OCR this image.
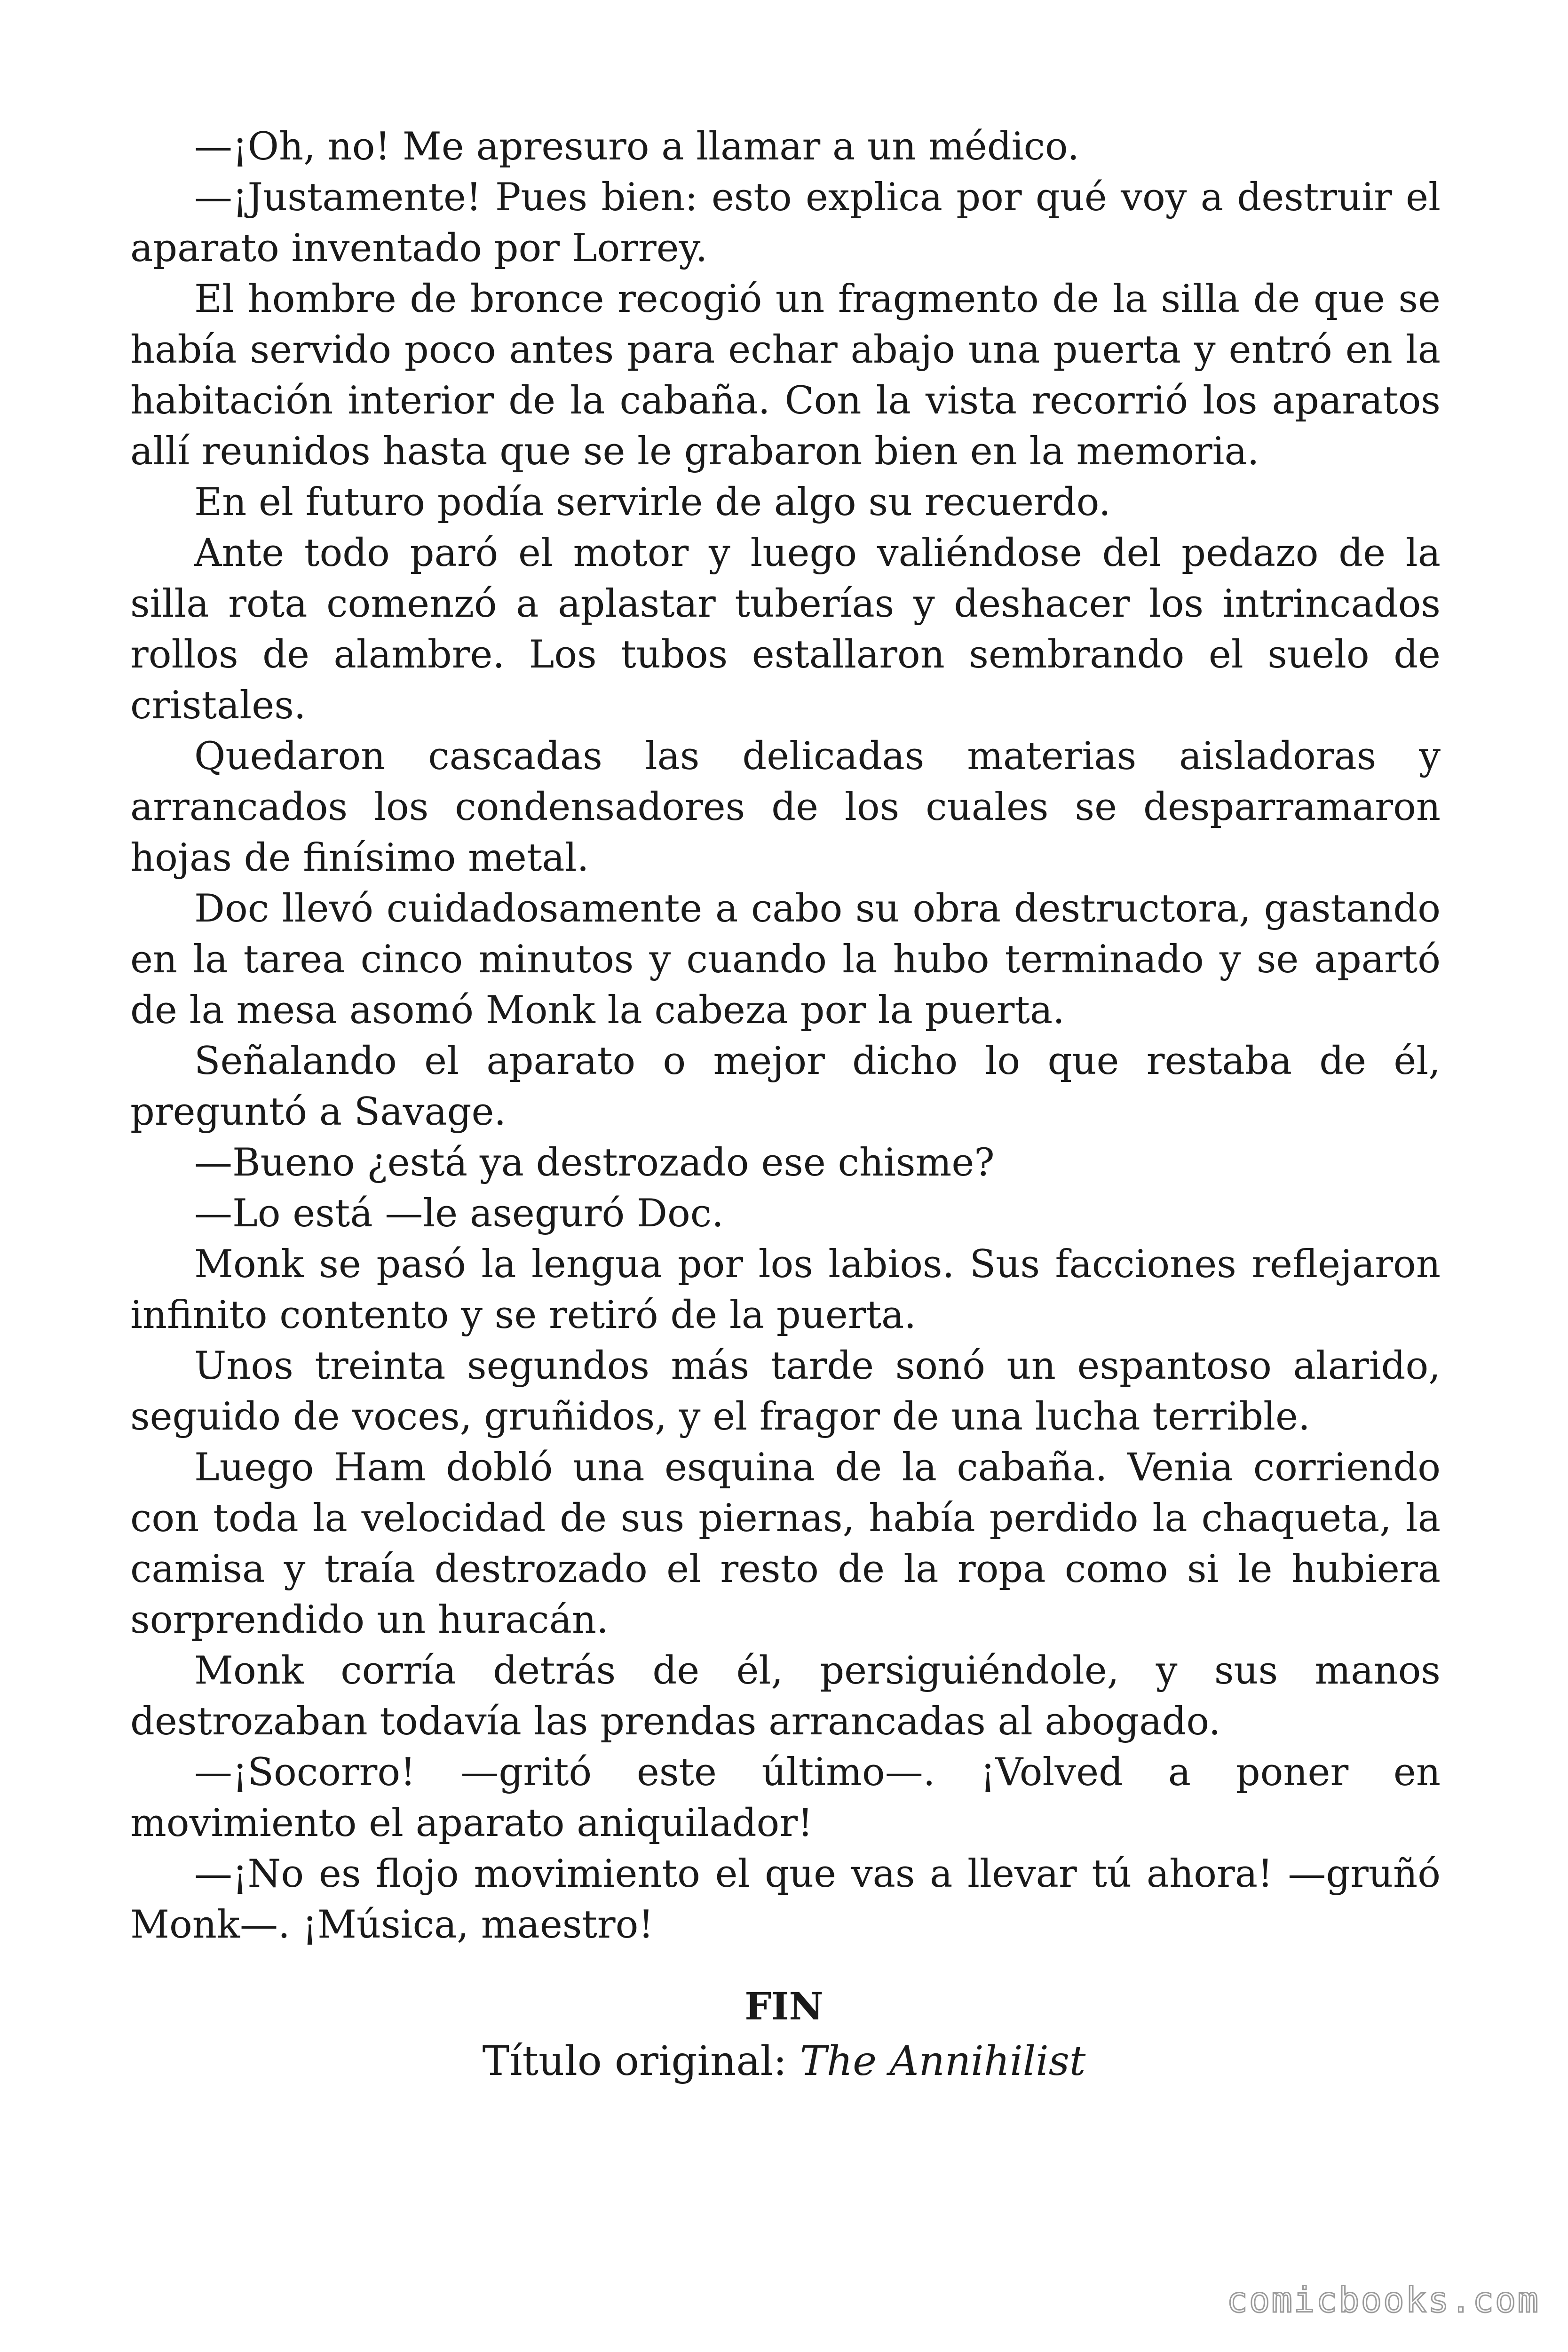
—¡Oh, no! Me apresuro a llamar a un médico.

—¡Justamente! Pues bien: esto explica por qué voy a destruir el aparato inventado por Lorrey.

El hombre de bronce recogió un fragmento de la silla de que se había servido poco antes para echar abajo una puerta y entró en la habitación interior de la cabaña. Con la vista recorrió los aparatos allí reunidos hasta que se le grabaron bien en la memoria.

En el futuro podía servirle de algo su recuerdo.

Ante todo paró el motor y luego valiéndose del pedazo de la silla rota comenzó a aplastar tuberías y deshacer los intrincados rollos de alambre. Los tubos estallaron sembrando el suelo de cristales.

Quedaron cascadas las delicadas materias aisladoras y arrancados los condensadores de los cuales se desparramaron hojas de finísimo metal.

Doc llevó cuidadosamente a cabo su obra destructora, gastando en la tarea cinco minutos y cuando la hubo terminado y se apartó de la mesa asomó Monk la cabeza por la puerta.

Señalando el aparato o mejor dicho lo que restaba de él, preguntó a Savage.

—Bueno ¿está ya destrozado ese chisme?

—Lo está —le aseguró Doc.

Monk se pasó la lengua por los labios. Sus facciones reflejaron infinito contento y se retiró de la puerta.

Unos treinta segundos más tarde sonó un espantoso alarido, seguido de voces, gruñidos, y el fragor de una lucha terrible.

Luego Ham dobló una esquina de la cabaña. Venia corriendo con toda la velocidad de sus piernas, había perdido la chaqueta, la camisa y traía destrozado el resto de la ropa como si le hubiera sorprendido un huracán.

Monk corría detrás de él, persiguiéndole, y sus manos destrozaban todavía las prendas arrancadas al abogado.

—¡Socorro! —gritó este último—. ¡Volved a poner en movimiento el aparato aniquilador!

—¡No es flojo movimiento el que vas a llevar tú ahora! —gruñó Monk—. ¡Música, maestro!

FIN
Título original: The Annihilist
comicbooks.com
